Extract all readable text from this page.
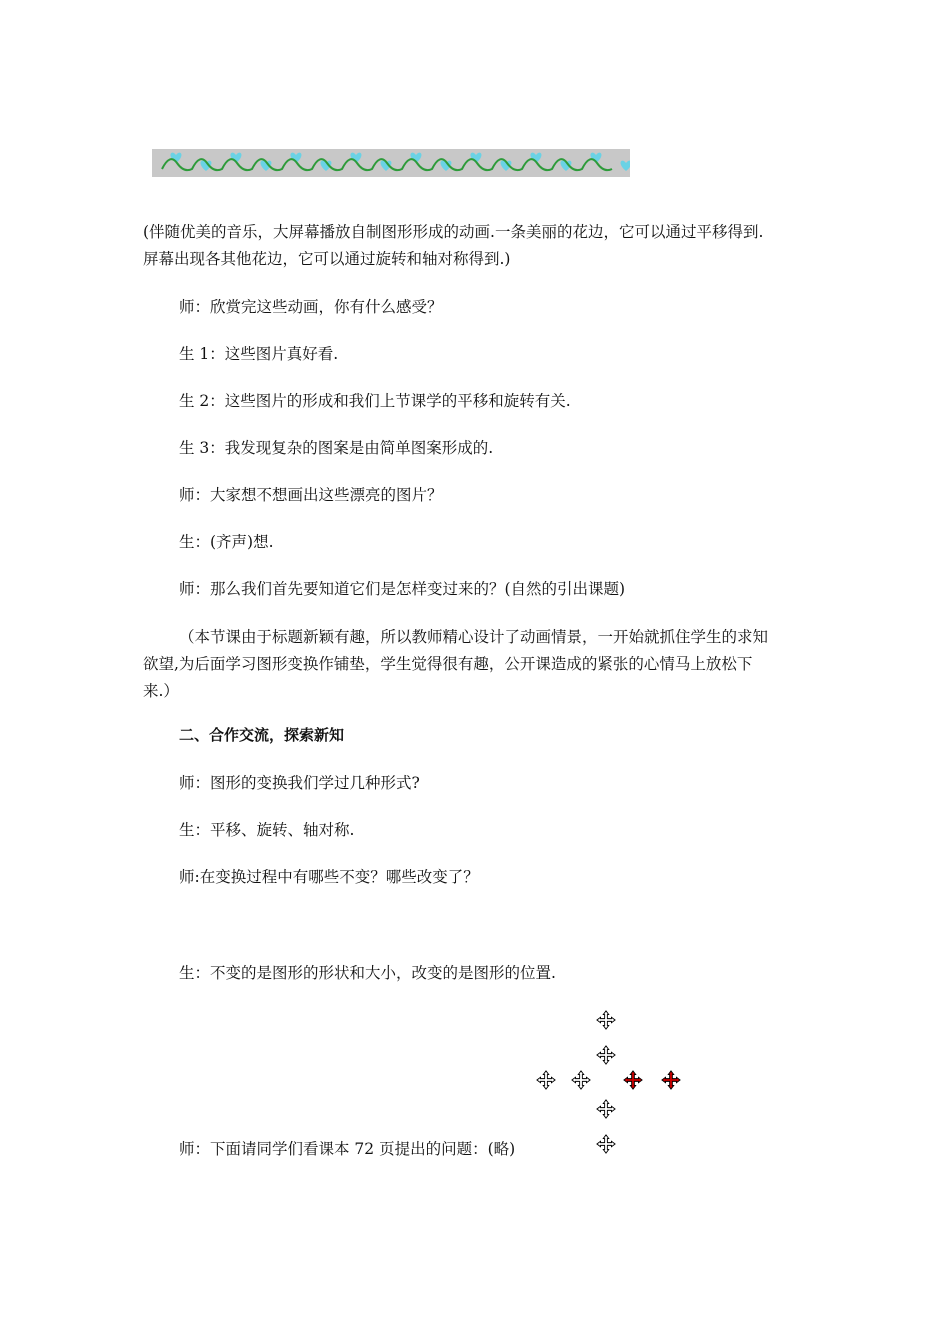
(伴随优美的音乐，大屏幕播放自制图形形成的动画.一条美丽的花边，它可以通过平移得到.
屏幕出现各其他花边，它可以通过旋转和轴对称得到.)
师：欣赏完这些动画，你有什么感受？
生 1：这些图片真好看.
生 2：这些图片的形成和我们上节课学的平移和旋转有关.
生 3：我发现复杂的图案是由简单图案形成的.
师：大家想不想画出这些漂亮的图片？
生：(齐声)想.
师：那么我们首先要知道它们是怎样变过来的？(自然的引出课题)
（本节课由于标题新颖有趣，所以教师精心设计了动画情景，一开始就抓住学生的求知
欲望,为后面学习图形变换作铺垫，学生觉得很有趣，公开课造成的紧张的心情马上放松下
来.）
二、合作交流，探索新知
师：图形的变换我们学过几种形式?
生：平移、旋转、轴对称.
师:在变换过程中有哪些不变？哪些改变了？
生：不变的是图形的形状和大小，改变的是图形的位置.
师：下面请同学们看课本 72 页提出的问题：(略)
